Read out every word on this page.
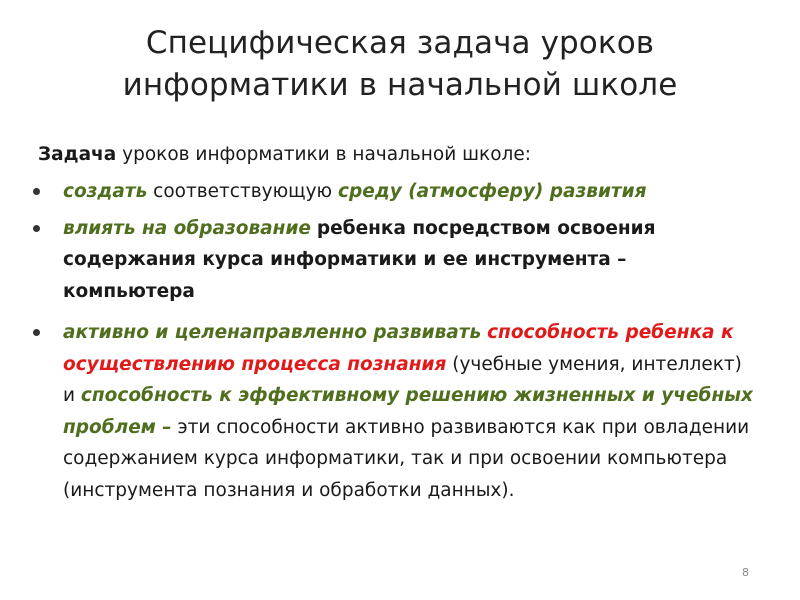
Специфическая задача уроков
информатики в начальной школе
Задача уроков информатики в начальной школе:
создать соответствующую среду (атмосферу) развития
влиять на образование ребенка посредством освоения содержания курса информатики и ее инструмента – компьютера
активно и целенаправленно развивать способность ребенка к осуществлению процесса познания (учебные умения, интеллект) и способность к эффективному решению жизненных и учебных проблем – эти способности активно развиваются как при овладении содержанием курса информатики, так и при освоении компьютера (инструмента познания и обработки данных).
8
